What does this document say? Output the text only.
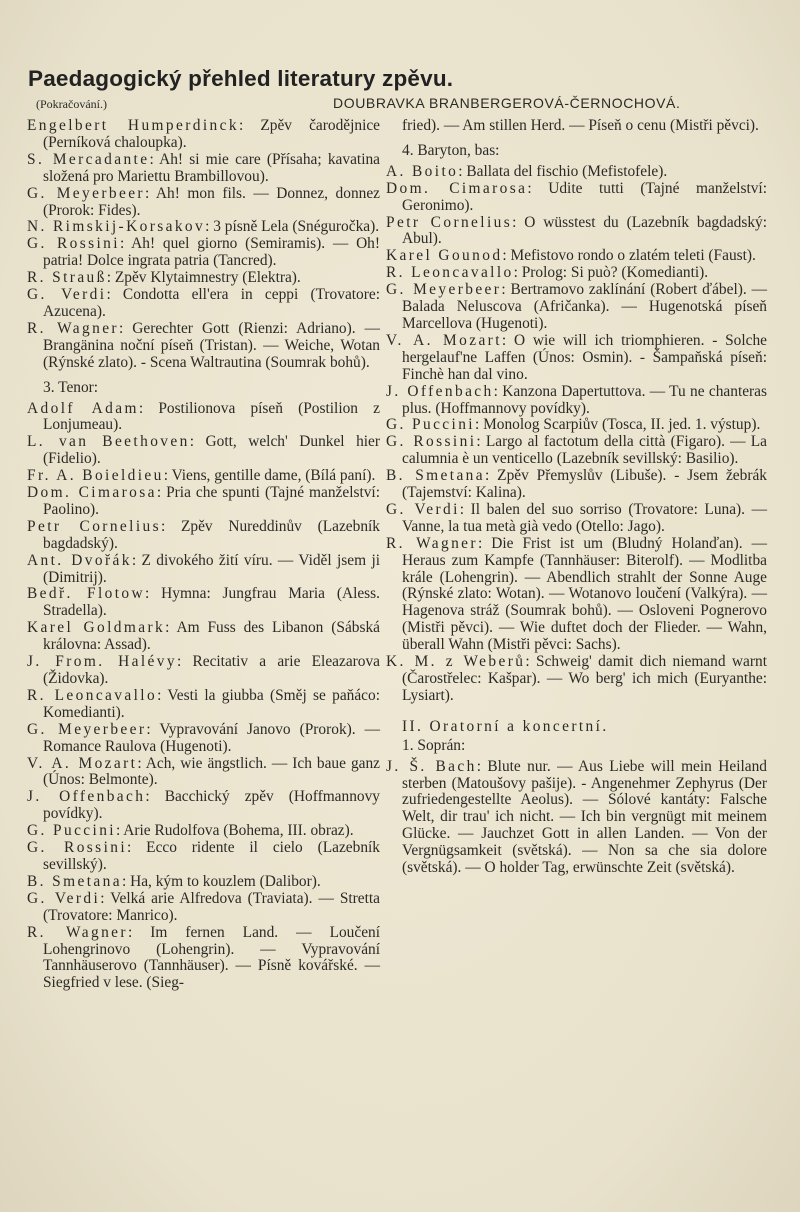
Paedagogický přehled literatury zpěvu.
(Pokračování.)	DOUBRAVKA BRANBERGEROVÁ-ČERNOCHOVÁ.

Engelbert Humperdinck: Zpěv čarodějnice (Perníková chaloupka).

S. Mercadante: Ah! si mie care (Přísaha; kavatina složená pro Mariettu Brambillovou).

G. Meyerbeer: Ah! mon fils. — Donnez, donnez (Prorok: Fides).

N. Rimskij-Korsakov: 3 písně Lela (Snéguročka).

G. Rossini: Ah! quel giorno (Semiramis). — Oh! patria! Dolce ingrata patria (Tancred).

R. Strauß: Zpěv Klytaimnestry (Elektra).

G. Verdi: Condotta ell'era in ceppi (Trovatore: Azucena).

R. Wagner: Gerechter Gott (Rienzi: Adriano). — Brangänina noční píseň (Tristan). — Weiche, Wotan (Rýnské zlato). - Scena Waltrautina (Soumrak bohů).

3. Tenor:

Adolf Adam: Postilionova píseň (Postilion z Lonjumeau).

L. van Beethoven: Gott, welch' Dunkel hier (Fidelio).

Fr. A. Boieldieu: Viens, gentille dame, (Bílá paní).

Dom. Cimarosa: Pria che spunti (Tajné manželství: Paolino).

Petr Cornelius: Zpěv Nureddinův (Lazebník bagdadský).

Ant. Dvořák: Z divokého žití víru. — Viděl jsem ji (Dimitrij).

Bedř. Flotow: Hymna: Jungfrau Maria (Aless. Stradella).

Karel Goldmark: Am Fuss des Libanon (Sábská královna: Assad).

J. From. Halévy: Recitativ a arie Eleazarova (Židovka).

R. Leoncavallo: Vesti la giubba (Směj se paňáco: Komedianti).

G. Meyerbeer: Vypravování Janovo (Prorok). — Romance Raulova (Hugenoti).

V. A. Mozart: Ach, wie ängstlich. — Ich baue ganz (Únos: Belmonte).

J. Offenbach: Bacchický zpěv (Hoffmannovy povídky).

G. Puccini: Arie Rudolfova (Bohema, III. obraz).

G. Rossini: Ecco ridente il cielo (Lazebník sevillský).

B. Smetana: Ha, kým to kouzlem (Dalibor).

G. Verdi: Velká arie Alfredova (Traviata). — Stretta (Trovatore: Manrico).

R. Wagner: Im fernen Land. — Loučení Lohengrinovo (Lohengrin). — Vypravování Tannhäuserovo (Tannhäuser). — Písně kovářské. — Siegfried v lese. (Sieg-

fried). — Am stillen Herd. — Píseň o cenu (Mistři pěvci).

4. Baryton, bas:

A. Boito: Ballata del fischio (Mefistofele).

Dom. Cimarosa: Udite tutti (Tajné manželství: Geronimo).

Petr Cornelius: O wüsstest du (Lazebník bagdadský: Abul).

Karel Gounod: Mefistovo rondo o zlatém teleti (Faust).

R. Leoncavallo: Prolog: Si può? (Komedianti).

G. Meyerbeer: Bertramovo zaklínání (Robert ďábel). — Balada Neluscova (Afričanka). — Hugenotská píseň Marcellova (Hugenoti).

V. A. Mozart: O wie will ich triomphieren. - Solche hergelauf'ne Laffen (Únos: Osmin). - Šampaňská píseň: Finchè han dal vino.

J. Offenbach: Kanzona Dapertuttova. — Tu ne chanteras plus. (Hoffmannovy povídky).

G. Puccini: Monolog Scarpiův (Tosca, II. jed. 1. výstup).

G. Rossini: Largo al factotum della città (Figaro). — La calumnia è un venticello (Lazebník sevillský: Basilio).

B. Smetana: Zpěv Přemyslův (Libuše). - Jsem žebrák (Tajemství: Kalina).

G. Verdi: Il balen del suo sorriso (Trovatore: Luna). — Vanne, la tua metà già vedo (Otello: Jago).

R. Wagner: Die Frist ist um (Bludný Holanďan). — Heraus zum Kampfe (Tannhäuser: Biterolf). — Modlitba krále (Lohengrin). — Abendlich strahlt der Sonne Auge (Rýnské zlato: Wotan). — Wotanovo loučení (Valkýra). — Hagenova stráž (Soumrak bohů). — Osloveni Pognerovo (Mistři pěvci). — Wie duftet doch der Flieder. — Wahn, überall Wahn (Mistři pěvci: Sachs).

K. M. z Weberů: Schweig' damit dich niemand warnt (Čarostřelec: Kašpar). — Wo berg' ich mich (Euryanthe: Lysiart).

II. Oratorní a koncertní.

1. Soprán:

J. Š. Bach: Blute nur. — Aus Liebe will mein Heiland sterben (Matoušovy pašije). - Angenehmer Zephyrus (Der zufriedengestellte Aeolus). — Sólové kantáty: Falsche Welt, dir trau' ich nicht. — Ich bin vergnügt mit meinem Glücke. — Jauchzet Gott in allen Landen. — Von der Vergnügsamkeit (světská). — Non sa che sia dolore (světská). — O holder Tag, erwünschte Zeit (světská).
